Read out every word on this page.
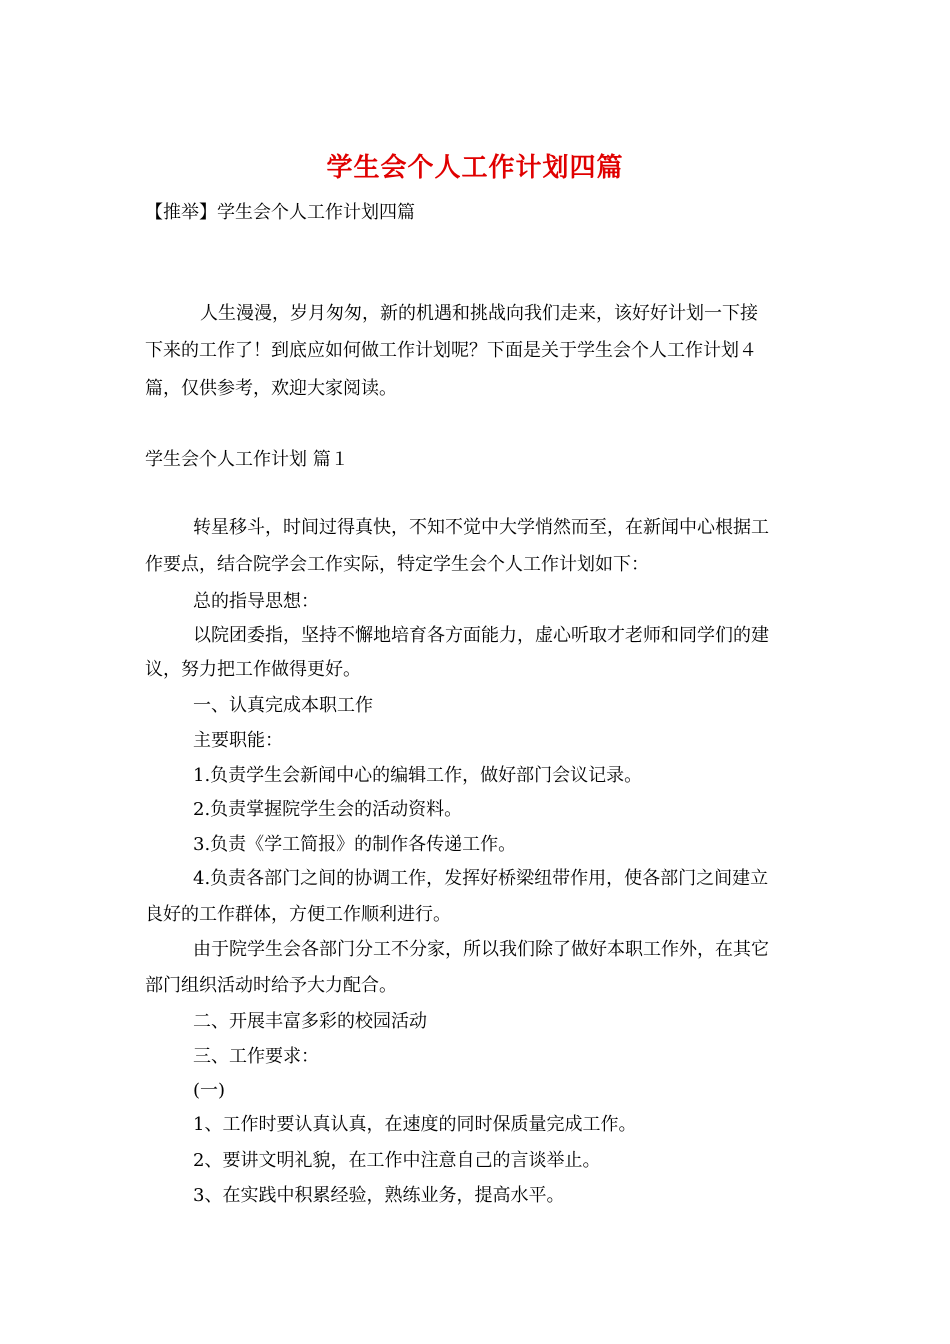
学生会个人工作计划四篇
【推举】学生会个人工作计划四篇
人生漫漫，岁月匆匆，新的机遇和挑战向我们走来，该好好计划一下接
下来的工作了！到底应如何做工作计划呢？下面是关于学生会个人工作计划４
篇，仅供参考，欢迎大家阅读。
学生会个人工作计划 篇１
转星移斗，时间过得真快，不知不觉中大学悄然而至，在新闻中心根据工
作要点，结合院学会工作实际，特定学生会个人工作计划如下：
总的指导思想：
以院团委指，坚持不懈地培育各方面能力，虚心听取才老师和同学们的建
议，努力把工作做得更好。
一、认真完成本职工作
主要职能：
1.负责学生会新闻中心的编辑工作，做好部门会议记录。
2.负责掌握院学生会的活动资料。
3.负责《学工简报》的制作各传递工作。
4.负责各部门之间的协调工作，发挥好桥梁纽带作用，使各部门之间建立
良好的工作群体，方便工作顺利进行。
由于院学生会各部门分工不分家，所以我们除了做好本职工作外，在其它
部门组织活动时给予大力配合。
二、开展丰富多彩的校园活动
三、工作要求：
(一)
1、工作时要认真认真，在速度的同时保质量完成工作。
2、要讲文明礼貌，在工作中注意自己的言谈举止。
3、在实践中积累经验，熟练业务，提高水平。
